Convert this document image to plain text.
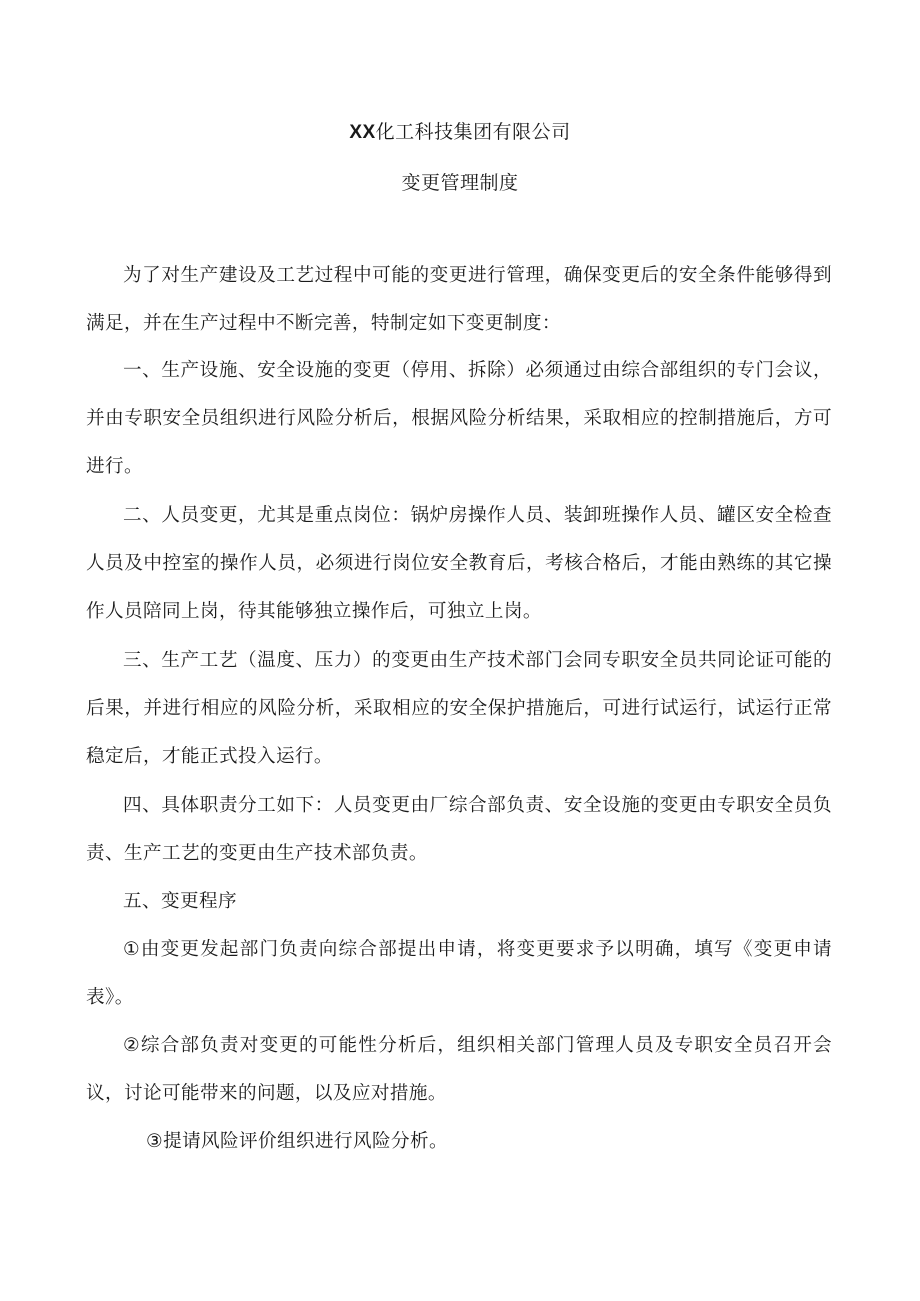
XX化工科技集团有限公司
变更管理制度

为了对生产建设及工艺过程中可能的变更进行管理，确保变更后的安全条件能够得到满足，并在生产过程中不断完善，特制定如下变更制度：

一、生产设施、安全设施的变更（停用、拆除）必须通过由综合部组织的专门会议，并由专职安全员组织进行风险分析后，根据风险分析结果，采取相应的控制措施后，方可进行。

二、人员变更，尤其是重点岗位：锅炉房操作人员、装卸班操作人员、罐区安全检查人员及中控室的操作人员，必须进行岗位安全教育后，考核合格后，才能由熟练的其它操作人员陪同上岗，待其能够独立操作后，可独立上岗。

三、生产工艺（温度、压力）的变更由生产技术部门会同专职安全员共同论证可能的后果，并进行相应的风险分析，采取相应的安全保护措施后，可进行试运行，试运行正常稳定后，才能正式投入运行。

四、具体职责分工如下：人员变更由厂综合部负责、安全设施的变更由专职安全员负责、生产工艺的变更由生产技术部负责。

五、变更程序

①由变更发起部门负责向综合部提出申请，将变更要求予以明确，填写《变更申请表》。

②综合部负责对变更的可能性分析后，组织相关部门管理人员及专职安全员召开会议，讨论可能带来的问题，以及应对措施。

③提请风险评价组织进行风险分析。
